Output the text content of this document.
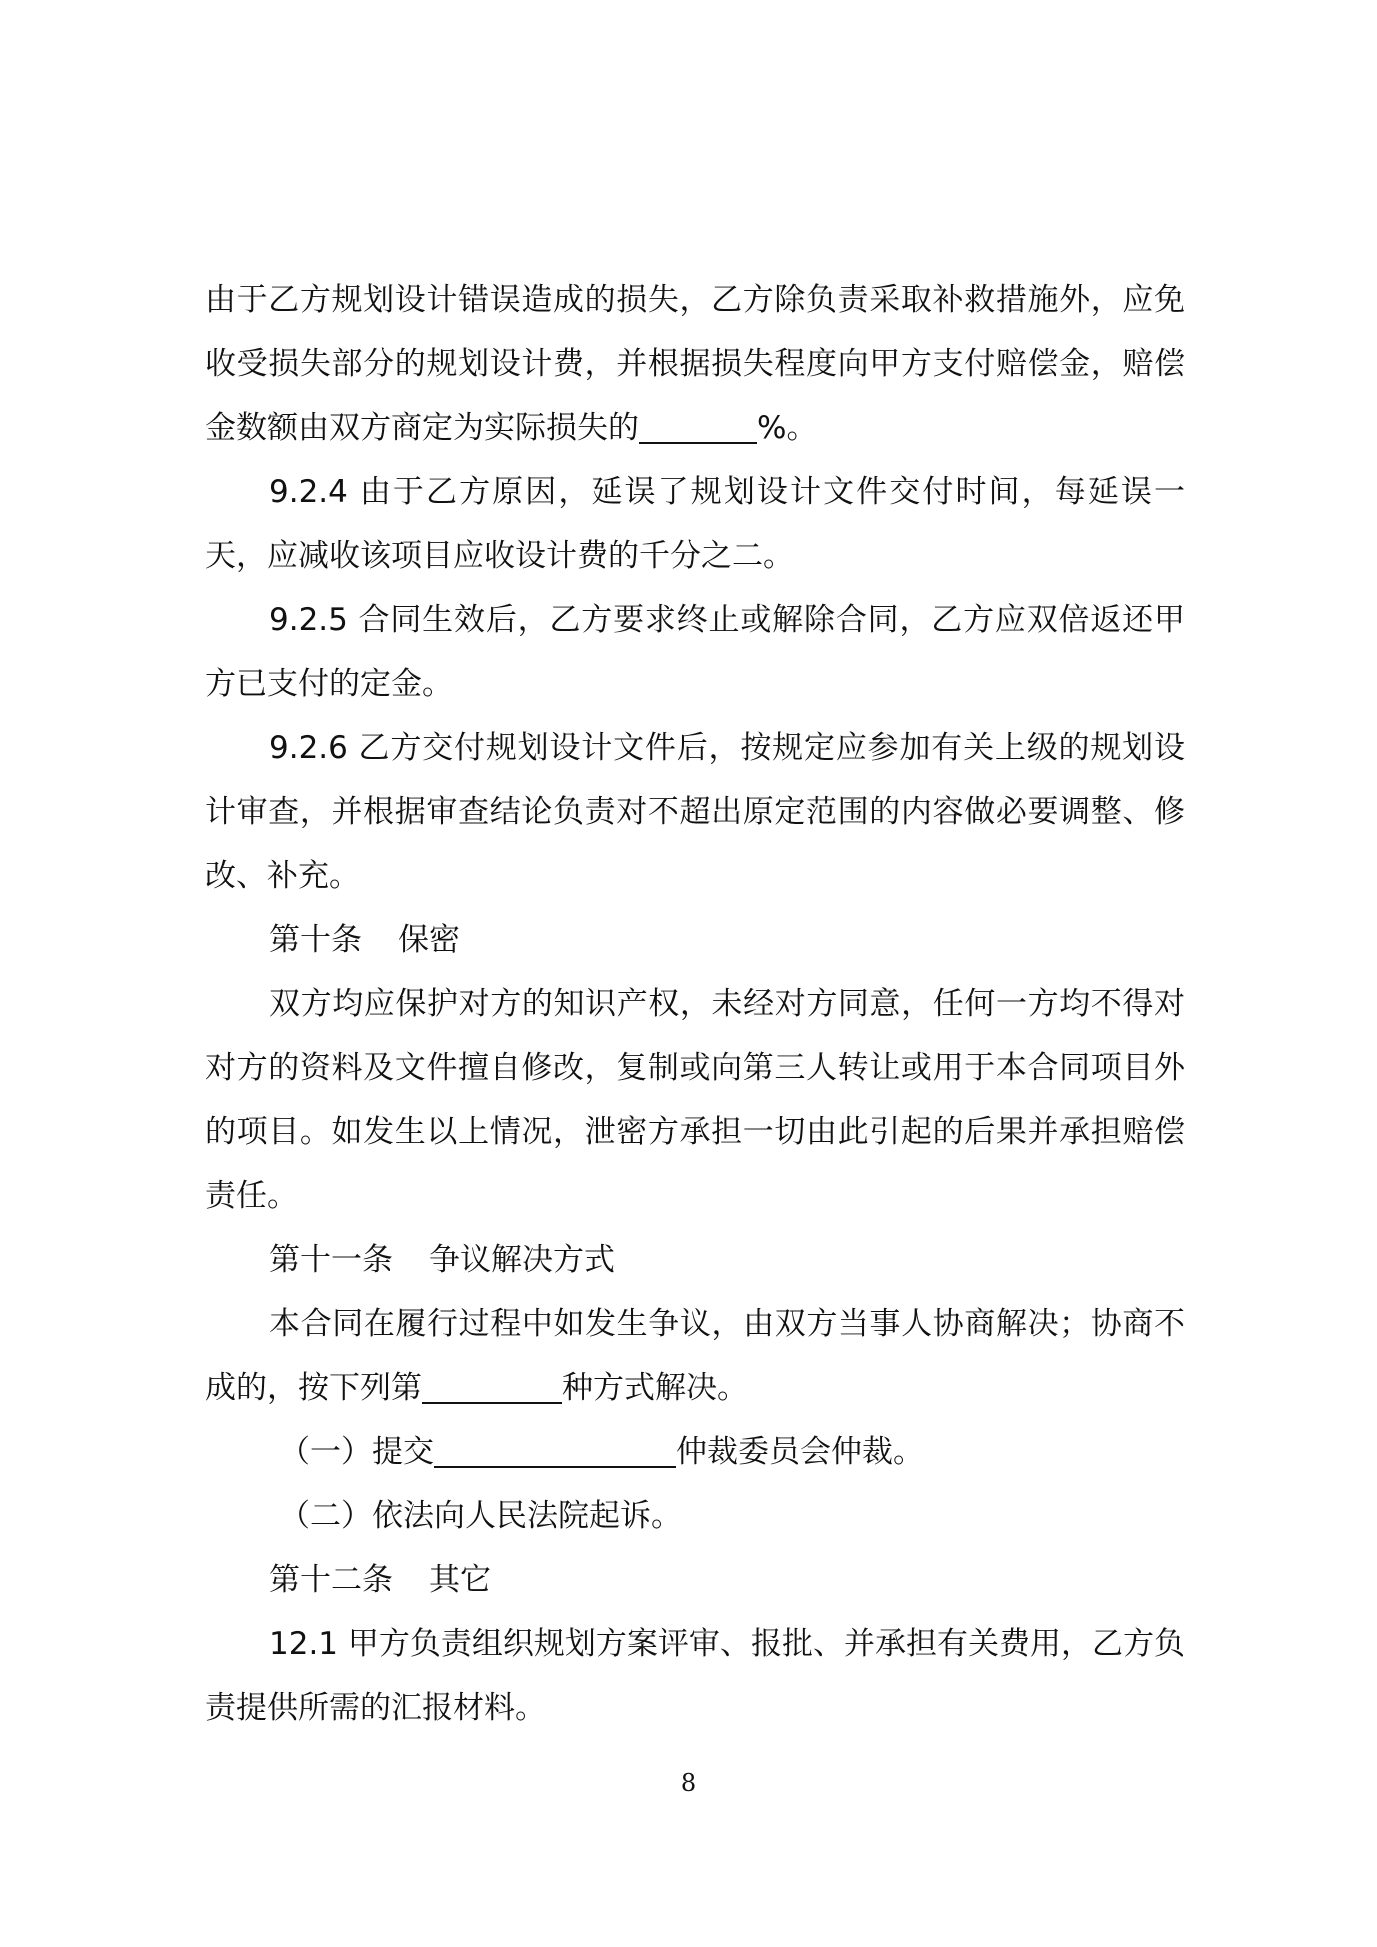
由于乙方规划设计错误造成的损失，乙方除负责采取补救措施外，应免收受损失部分的规划设计费，并根据损失程度向甲方支付赔偿金，赔偿金数额由双方商定为实际损失的	%。

9.2.4 由于乙方原因，延误了规划设计文件交付时间，每延误一天，应减收该项目应收设计费的千分之二。

9.2.5 合同生效后，乙方要求终止或解除合同，乙方应双倍返还甲方已支付的定金。

9.2.6 乙方交付规划设计文件后，按规定应参加有关上级的规划设计审查，并根据审查结论负责对不超出原定范围的内容做必要调整、修改、补充。

第十条 保密

双方均应保护对方的知识产权，未经对方同意，任何一方均不得对对方的资料及文件擅自修改，复制或向第三人转让或用于本合同项目外的项目。如发生以上情况，泄密方承担一切由此引起的后果并承担赔偿责任。

第十一条 争议解决方式

本合同在履行过程中如发生争议，由双方当事人协商解决；协商不成的，按下列第	种方式解决。

（一）提交	仲裁委员会仲裁。

（二）依法向人民法院起诉。

第十二条 其它

12.1 甲方负责组织规划方案评审、报批、并承担有关费用，乙方负责提供所需的汇报材料。

8
